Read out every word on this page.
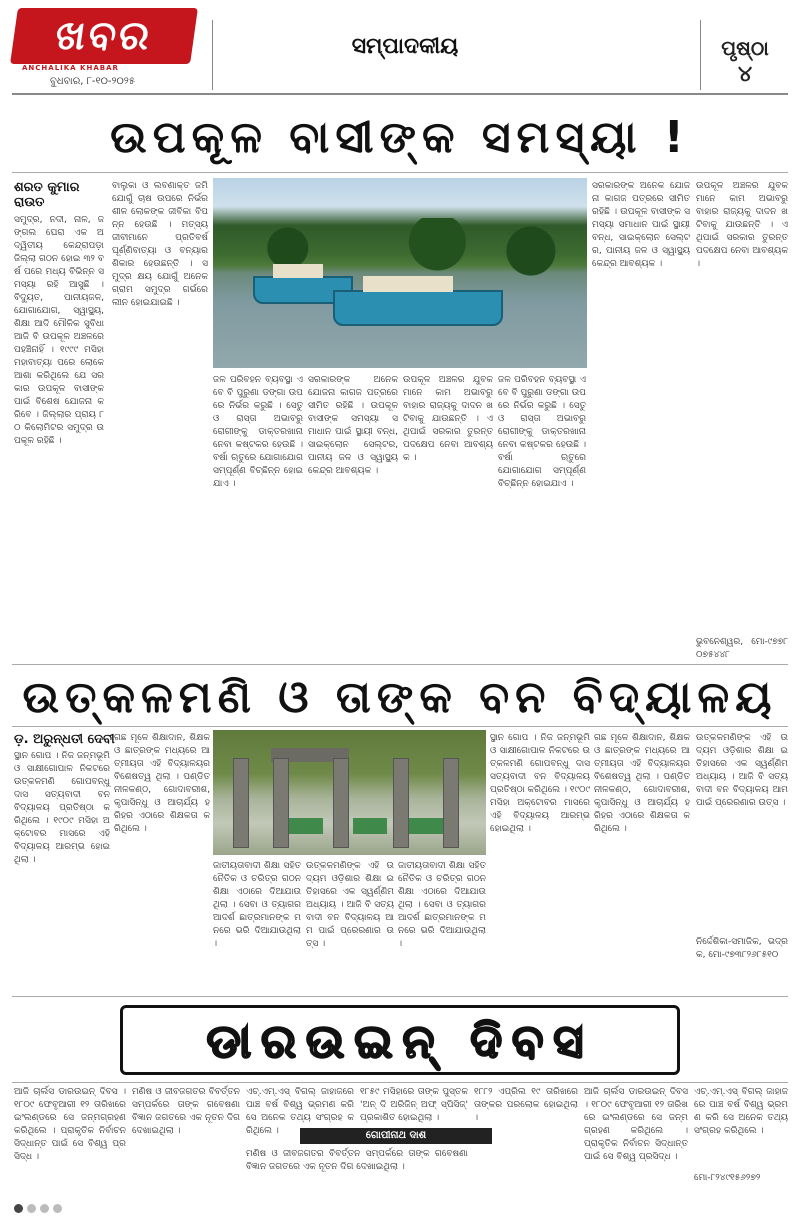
ଖବର
ANCHALIKA KHABAR
ବୁଧବାର, ୮-୧୦-୨୦୨୫
ସମ୍ପାଦକୀୟ	ପୃଷ୍ଠା
୪
ଉପକୂଳ ବାସୀଙ୍କ ସମସ୍ୟା !
ଶରତ କୁମାର ରାଉତ
ସମୁଦ୍ର, ନଦୀ, ନାଳ, ଜଙ୍ଗଲ ଘେରା ଏକ ଅଦ୍ୱିତୀୟ କେନ୍ଦ୍ରାପଡ଼ା ଜିଲ୍ଲା ଗଠନ ହୋଇ ୩୨ ବର୍ଷ ପରେ ମଧ୍ୟ ବିଭିନ୍ନ ସମସ୍ୟା ରହି ଆସୁଛି । ବିଦ୍ୟୁତ, ପାନୀୟଜଳ, ଯୋଗାଯୋଗ, ସ୍ୱାସ୍ଥ୍ୟ, ଶିକ୍ଷା ଆଦି ମୌଳିକ ସୁବିଧା ଆଜି ବି ଉପକୂଳ ଅଞ୍ଚଳରେ ପହଞ୍ଚିନାହିଁ । ୧୯୯୯ ମସିହା ମହାବାତ୍ୟା ପରେ ଲୋକେ ଆଶା କରିଥିଲେ ଯେ ସରକାର ଉପକୂଳ ବାସୀଙ୍କ ପାଇଁ ବିଶେଷ ଯୋଜନା କରିବେ । ଜିଲ୍ଲାର ପ୍ରାୟ ୮୦ କିଲୋମିଟର ସମୁଦ୍ର ଉପକୂଳ ରହିଛି ।
ବାଲୁକା ଓ ଲବଣାକ୍ତ ଜମି ଯୋଗୁଁ ଚାଷ ଉପରେ ନିର୍ଭରଶୀଳ ଲୋକଙ୍କ ଜୀବିକା ବିପନ୍ନ ହେଉଛି । ମତ୍ସ୍ୟଜୀବୀମାନେ ପ୍ରତିବର୍ଷ ଘୂର୍ଣ୍ଣିବାତ୍ୟା ଓ ବନ୍ୟାର ଶିକାର ହେଉଛନ୍ତି । ସମୁଦ୍ର କ୍ଷୟ ଯୋଗୁଁ ଅନେକ ଗ୍ରାମ ସମୁଦ୍ର ଗର୍ଭରେ ଲୀନ ହୋଇଯାଇଛି ।
ଜଳ ପରିବହନ ବ୍ୟବସ୍ଥା ଏବେ ବି ପୁରୁଣା ଡଙ୍ଗା ଉପରେ ନିର୍ଭର କରୁଛି । ସେତୁ ଓ ରାସ୍ତା ଅଭାବରୁ ରୋଗୀଙ୍କୁ ଡାକ୍ତରଖାନା ନେବା କଷ୍ଟକର ହେଉଛି । ବର୍ଷା ଋତୁରେ ଯୋଗାଯୋଗ ସମ୍ପୂର୍ଣ୍ଣ ବିଚ୍ଛିନ୍ନ ହୋଇଯାଏ ।
ସରକାରଙ୍କ ଅନେକ ଯୋଜନା କାଗଜ ପତ୍ରରେ ସୀମିତ ରହିଛି । ଉପକୂଳ ବାସୀଙ୍କ ସମସ୍ୟା ସମାଧାନ ପାଇଁ ସ୍ଥାୟୀ ବନ୍ଧ, ସାଇକ୍ଲୋନ ସେଲ୍ଟର, ପାନୀୟ ଜଳ ଓ ସ୍ୱାସ୍ଥ୍ୟ କେନ୍ଦ୍ର ଆବଶ୍ୟକ ।
ଉପକୂଳ ଅଞ୍ଚଳର ଯୁବକମାନେ କାମ ଅଭାବରୁ ବାହାର ରାଜ୍ୟକୁ ଦାଦନ ଖଟିବାକୁ ଯାଉଛନ୍ତି । ଏଥିପାଇଁ ସରକାର ତୁରନ୍ତ ପଦକ୍ଷେପ ନେବା ଆବଶ୍ୟକ ।
ଜଳ ପରିବହନ ବ୍ୟବସ୍ଥା ଏବେ ବି ପୁରୁଣା ଡଙ୍ଗା ଉପରେ ନିର୍ଭର କରୁଛି । ସେତୁ ଓ ରାସ୍ତା ଅଭାବରୁ ରୋଗୀଙ୍କୁ ଡାକ୍ତରଖାନା ନେବା କଷ୍ଟକର ହେଉଛି । ବର୍ଷା ଋତୁରେ ଯୋଗାଯୋଗ ସମ୍ପୂର୍ଣ୍ଣ ବିଚ୍ଛିନ୍ନ ହୋଇଯାଏ ।
ସରକାରଙ୍କ ଅନେକ ଯୋଜନା କାଗଜ ପତ୍ରରେ ସୀମିତ ରହିଛି । ଉପକୂଳ ବାସୀଙ୍କ ସମସ୍ୟା ସମାଧାନ ପାଇଁ ସ୍ଥାୟୀ ବନ୍ଧ, ସାଇକ୍ଲୋନ ସେଲ୍ଟର, ପାନୀୟ ଜଳ ଓ ସ୍ୱାସ୍ଥ୍ୟ କେନ୍ଦ୍ର ଆବଶ୍ୟକ ।
ଉପକୂଳ ଅଞ୍ଚଳର ଯୁବକମାନେ କାମ ଅଭାବରୁ ବାହାର ରାଜ୍ୟକୁ ଦାଦନ ଖଟିବାକୁ ଯାଉଛନ୍ତି । ଏଥିପାଇଁ ସରକାର ତୁରନ୍ତ ପଦକ୍ଷେପ ନେବା ଆବଶ୍ୟକ ।
ଭୁବନେଶ୍ୱର, ମୋ-୯୭୭୮୦୭୫୪୪୮
ଉତ୍କଳମଣି ଓ ତାଙ୍କ ବନ ବିଦ୍ୟାଳୟ
ଡ଼. ଅରୁନ୍ଧତୀ ଦେବୀ
ସ୍ଥାନ ଗୋପ । ନିଜ ଜନ୍ମଭୂମି ଓ ସାକ୍ଷୀଗୋପାଳ ନିକଟରେ ଉତ୍କଳମଣି ଗୋପବନ୍ଧୁ ଦାସ ସତ୍ୟବାଦୀ ବନ ବିଦ୍ୟାଳୟ ପ୍ରତିଷ୍ଠା କରିଥିଲେ । ୧୯୦୯ ମସିହା ଅକ୍ଟୋବର ମାସରେ ଏହି ବିଦ୍ୟାଳୟ ଆରମ୍ଭ ହୋଇଥିଲା ।
ଗଛ ମୂଳେ ଶିକ୍ଷାଦାନ, ଶିକ୍ଷକ ଓ ଛାତ୍ରଙ୍କ ମଧ୍ୟରେ ଆତ୍ମୀୟତା ଏହି ବିଦ୍ୟାଳୟର ବିଶେଷତ୍ୱ ଥିଲା । ପଣ୍ଡିତ ନୀଳକଣ୍ଠ, ଗୋଦାବରୀଶ, କୃପାସିନ୍ଧୁ ଓ ଆଚାର୍ଯ୍ୟ ହରିହର ଏଠାରେ ଶିକ୍ଷକତା କରିଥିଲେ ।
ଜାତୀୟତାବାଦୀ ଶିକ୍ଷା ସହିତ ନୈତିକ ଓ ଚରିତ୍ର ଗଠନ ଶିକ୍ଷା ଏଠାରେ ଦିଆଯାଉଥିଲା । ସେବା ଓ ତ୍ୟାଗର ଆଦର୍ଶ ଛାତ୍ରମାନଙ୍କ ମନରେ ଭରି ଦିଆଯାଉଥିଲା ।
ଉତ୍କଳମଣିଙ୍କ ଏହି ଉଦ୍ୟମ ଓଡ଼ିଶାର ଶିକ୍ଷା ଇତିହାସରେ ଏକ ସ୍ୱର୍ଣ୍ଣିମ ଅଧ୍ୟାୟ । ଆଜି ବି ସତ୍ୟବାଦୀ ବନ ବିଦ୍ୟାଳୟ ଆମ ପାଇଁ ପ୍ରେରଣାର ଉତ୍ସ ।
ଜାତୀୟତାବାଦୀ ଶିକ୍ଷା ସହିତ ନୈତିକ ଓ ଚରିତ୍ର ଗଠନ ଶିକ୍ଷା ଏଠାରେ ଦିଆଯାଉଥିଲା । ସେବା ଓ ତ୍ୟାଗର ଆଦର୍ଶ ଛାତ୍ରମାନଙ୍କ ମନରେ ଭରି ଦିଆଯାଉଥିଲା ।
ସ୍ଥାନ ଗୋପ । ନିଜ ଜନ୍ମଭୂମି ଓ ସାକ୍ଷୀଗୋପାଳ ନିକଟରେ ଉତ୍କଳମଣି ଗୋପବନ୍ଧୁ ଦାସ ସତ୍ୟବାଦୀ ବନ ବିଦ୍ୟାଳୟ ପ୍ରତିଷ୍ଠା କରିଥିଲେ । ୧୯୦୯ ମସିହା ଅକ୍ଟୋବର ମାସରେ ଏହି ବିଦ୍ୟାଳୟ ଆରମ୍ଭ ହୋଇଥିଲା ।
ଗଛ ମୂଳେ ଶିକ୍ଷାଦାନ, ଶିକ୍ଷକ ଓ ଛାତ୍ରଙ୍କ ମଧ୍ୟରେ ଆତ୍ମୀୟତା ଏହି ବିଦ୍ୟାଳୟର ବିଶେଷତ୍ୱ ଥିଲା । ପଣ୍ଡିତ ନୀଳକଣ୍ଠ, ଗୋଦାବରୀଶ, କୃପାସିନ୍ଧୁ ଓ ଆଚାର୍ଯ୍ୟ ହରିହର ଏଠାରେ ଶିକ୍ଷକତା କରିଥିଲେ ।
ଉତ୍କଳମଣିଙ୍କ ଏହି ଉଦ୍ୟମ ଓଡ଼ିଶାର ଶିକ୍ଷା ଇତିହାସରେ ଏକ ସ୍ୱର୍ଣ୍ଣିମ ଅଧ୍ୟାୟ । ଆଜି ବି ସତ୍ୟବାଦୀ ବନ ବିଦ୍ୟାଳୟ ଆମ ପାଇଁ ପ୍ରେରଣାର ଉତ୍ସ ।
ନିର୍ଦ୍ଦେଶିକା-ସମାଜିକ, ଭଦ୍ରକ, ମୋ-୯୭୩୮୨୬୮୫୧୦
ଡାରଉଇନ୍ ଦିବସ
ଆଜି ଚାର୍ଲସ ଡାରଉଇନ୍ ଦିବସ । ୧୮୦୯ ଫେବୃଆରୀ ୧୨ ତାରିଖରେ ଇଂଲଣ୍ଡରେ ସେ ଜନ୍ମଗ୍ରହଣ କରିଥିଲେ । ପ୍ରାକୃତିକ ନିର୍ବାଚନ ସିଦ୍ଧାନ୍ତ ପାଇଁ ସେ ବିଶ୍ୱ ପ୍ରସିଦ୍ଧ ।
ମଣିଷ ଓ ଜୀବଜଗତର ବିବର୍ତ୍ତନ ସମ୍ପର୍କରେ ତାଙ୍କ ଗବେଷଣା ବିଜ୍ଞାନ ଜଗତରେ ଏକ ନୂତନ ଦିଗ ଦେଖାଇଥିଲା ।
ଏଚ୍.ଏମ୍.ଏସ୍ ବିଗଲ୍ ଜାହାଜରେ ପାଞ୍ଚ ବର୍ଷ ବିଶ୍ୱ ଭ୍ରମଣ କରି ସେ ଅନେକ ତଥ୍ୟ ସଂଗ୍ରହ କରିଥିଲେ ।
୧୮୫୯ ମସିହାରେ ତାଙ୍କ ପୁସ୍ତକ 'ଅନ୍ ଦି ଅରିଜିନ୍ ଅଫ୍ ସ୍ପିସିଜ୍' ପ୍ରକାଶିତ ହୋଇଥିଲା ।
ଗୋପୀନାଥ ଦାଶ
ମଣିଷ ଓ ଜୀବଜଗତର ବିବର୍ତ୍ତନ ସମ୍ପର୍କରେ ତାଙ୍କ ଗବେଷଣା ବିଜ୍ଞାନ ଜଗତରେ ଏକ ନୂତନ ଦିଗ ଦେଖାଇଥିଲା ।
୧୮୮୨ ଏପ୍ରିଲ ୧୯ ତାରିଖରେ ତାଙ୍କର ପରଲୋକ ହୋଇଥିଲା ।
ଆଜି ଚାର୍ଲସ ଡାରଉଇନ୍ ଦିବସ । ୧୮୦୯ ଫେବୃଆରୀ ୧୨ ତାରିଖରେ ଇଂଲଣ୍ଡରେ ସେ ଜନ୍ମଗ୍ରହଣ କରିଥିଲେ । ପ୍ରାକୃତିକ ନିର୍ବାଚନ ସିଦ୍ଧାନ୍ତ ପାଇଁ ସେ ବିଶ୍ୱ ପ୍ରସିଦ୍ଧ ।
ଏଚ୍.ଏମ୍.ଏସ୍ ବିଗଲ୍ ଜାହାଜରେ ପାଞ୍ଚ ବର୍ଷ ବିଶ୍ୱ ଭ୍ରମଣ କରି ସେ ଅନେକ ତଥ୍ୟ ସଂଗ୍ରହ କରିଥିଲେ ।
ମୋ-୮୨୪୯୧୫୬୨୭୨
